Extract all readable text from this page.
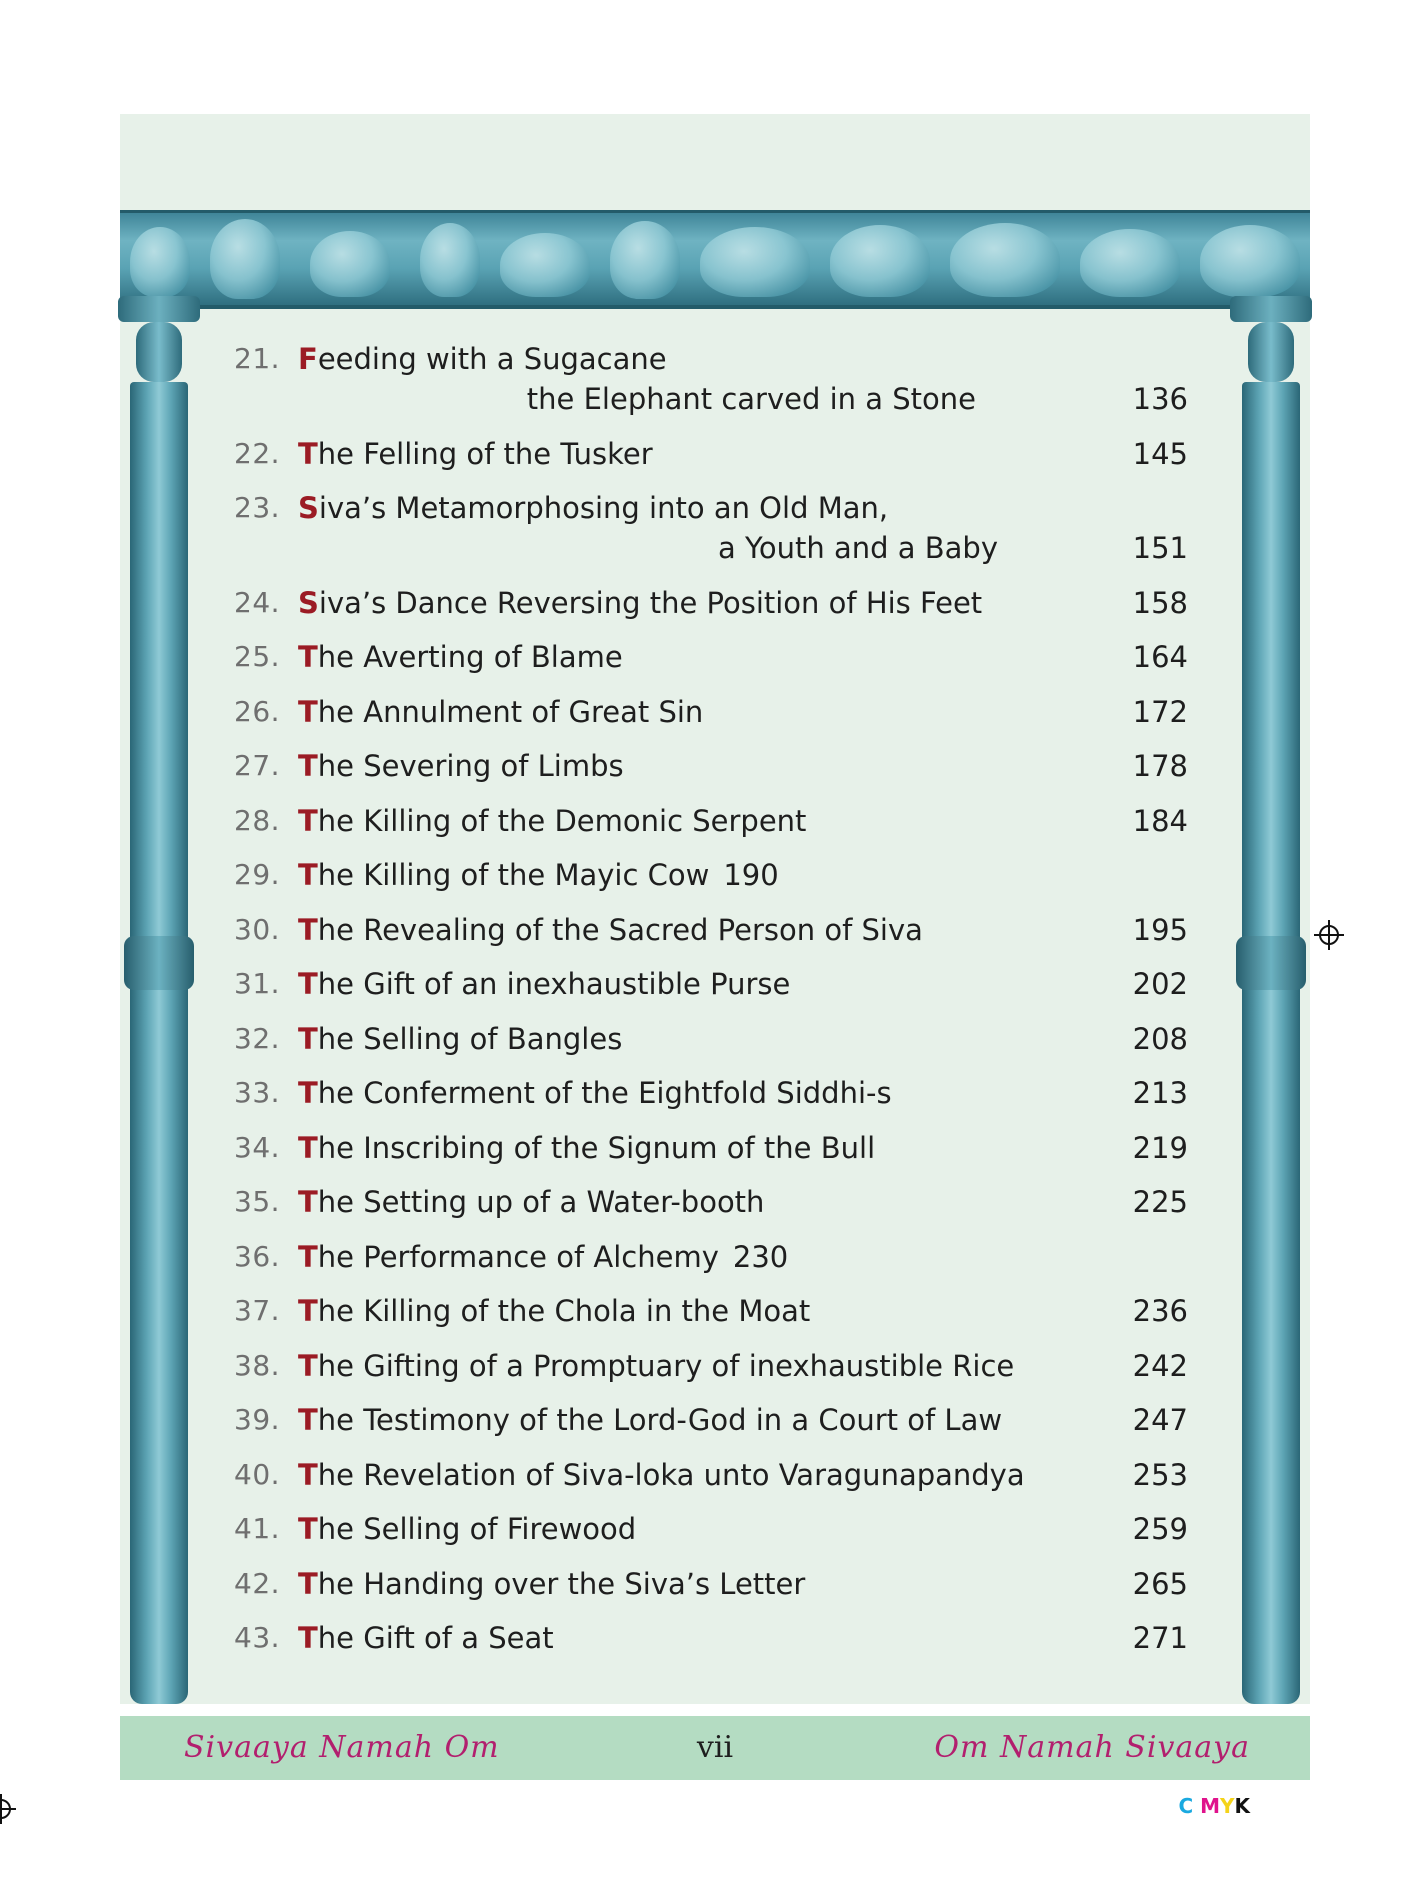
21. Feeding with a Sugacane
the Elephant carved in a Stone	136
22. The Felling of the Tusker	145
23. Siva’s Metamorphosing into an Old Man,
a Youth and a Baby	151
24. Siva’s Dance Reversing the Position of His Feet	158
25. The Averting of Blame	164
26. The Annulment of Great Sin	172
27. The Severing of Limbs	178
28. The Killing of the Demonic Serpent	184
29. The Killing of the Mayic Cow 190
30. The Revealing of the Sacred Person of Siva	195
31. The Gift of an inexhaustible Purse	202
32. The Selling of Bangles	208
33. The Conferment of the Eightfold Siddhi-s	213
34. The Inscribing of the Signum of the Bull	219
35. The Setting up of a Water-booth	225
36. The Performance of Alchemy 230
37. The Killing of the Chola in the Moat	236
38. The Gifting of a Promptuary of inexhaustible Rice	242
39. The Testimony of the Lord-God in a Court of Law	247
40. The Revelation of Siva-loka unto Varagunapandya	253
41. The Selling of Firewood	259
42. The Handing over the Siva’s Letter	265
43. The Gift of a Seat	271
Sivaaya Namah Om	vii	Om Namah Sivaaya
C MYK
